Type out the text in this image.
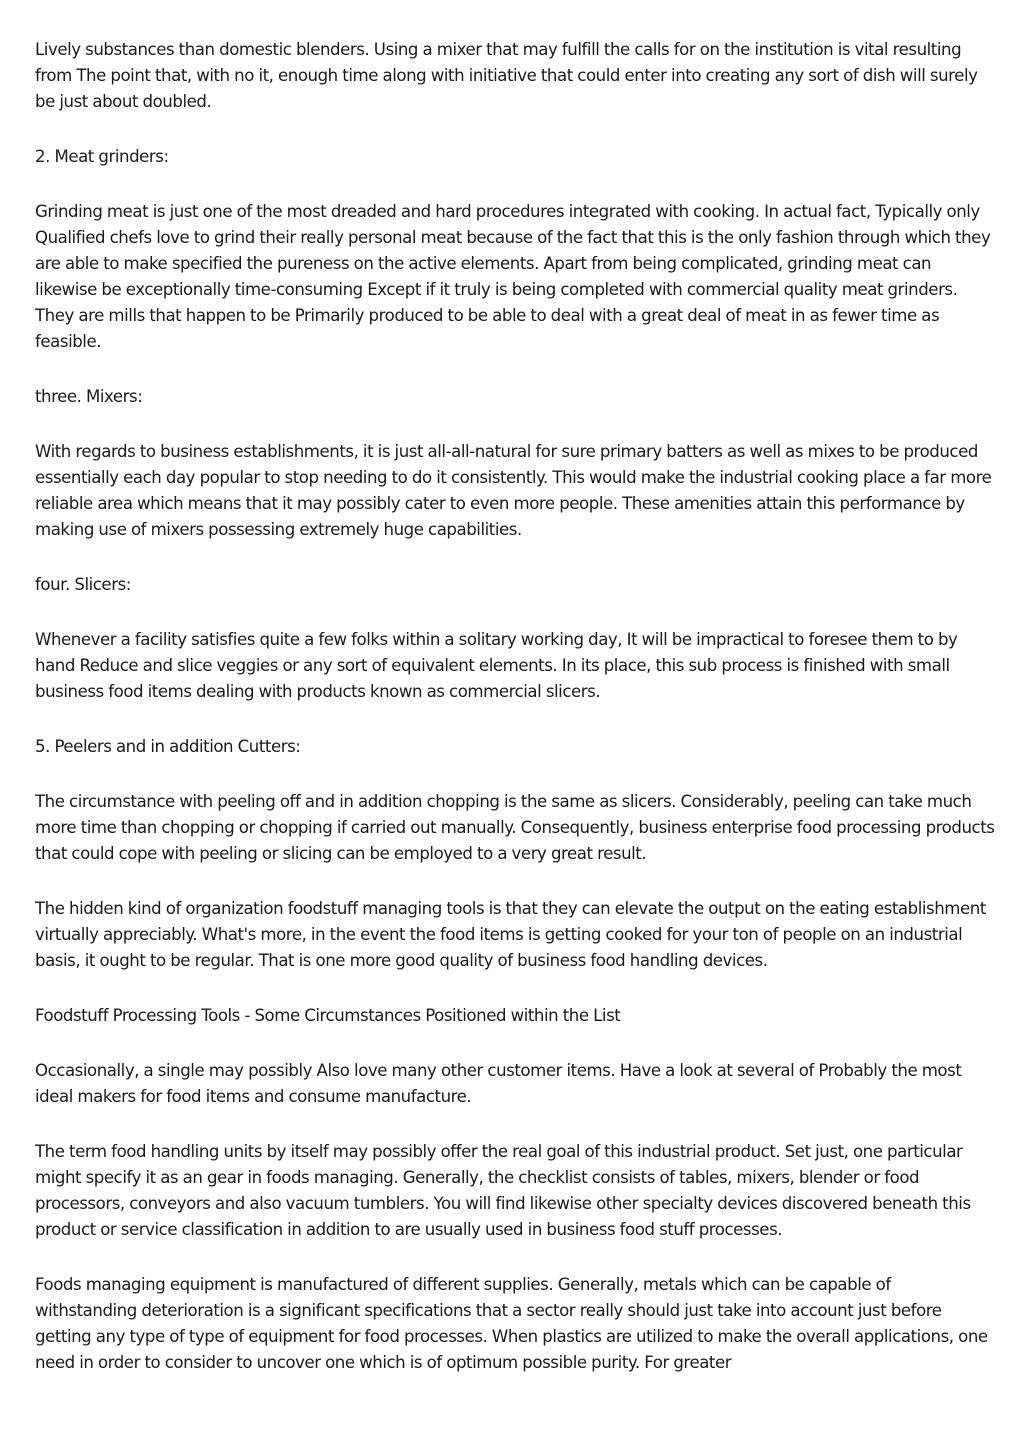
Lively substances than domestic blenders. Using a mixer that may fulfill the calls for on the institution is vital resulting from The point that, with no it, enough time along with initiative that could enter into creating any sort of dish will surely be just about doubled.

2. Meat grinders:

Grinding meat is just one of the most dreaded and hard procedures integrated with cooking. In actual fact, Typically only Qualified chefs love to grind their really personal meat because of the fact that this is the only fashion through which they are able to make specified the pureness on the active elements. Apart from being complicated, grinding meat can likewise be exceptionally time-consuming Except if it truly is being completed with commercial quality meat grinders. They are mills that happen to be Primarily produced to be able to deal with a great deal of meat in as fewer time as feasible.

three. Mixers:

With regards to business establishments, it is just all-all-natural for sure primary batters as well as mixes to be produced essentially each day popular to stop needing to do it consistently. This would make the industrial cooking place a far more reliable area which means that it may possibly cater to even more people. These amenities attain this performance by making use of mixers possessing extremely huge capabilities.

four. Slicers:

Whenever a facility satisfies quite a few folks within a solitary working day, It will be impractical to foresee them to by hand Reduce and slice veggies or any sort of equivalent elements. In its place, this sub process is finished with small business food items dealing with products known as commercial slicers.

5. Peelers and in addition Cutters:

The circumstance with peeling off and in addition chopping is the same as slicers. Considerably, peeling can take much more time than chopping or chopping if carried out manually. Consequently, business enterprise food processing products that could cope with peeling or slicing can be employed to a very great result.

The hidden kind of organization foodstuff managing tools is that they can elevate the output on the eating establishment virtually appreciably. What's more, in the event the food items is getting cooked for your ton of people on an industrial basis, it ought to be regular. That is one more good quality of business food handling devices.

Foodstuff Processing Tools - Some Circumstances Positioned within the List

Occasionally, a single may possibly Also love many other customer items. Have a look at several of Probably the most ideal makers for food items and consume manufacture.

The term food handling units by itself may possibly offer the real goal of this industrial product. Set just, one particular might specify it as an gear in foods managing. Generally, the checklist consists of tables, mixers, blender or food processors, conveyors and also vacuum tumblers. You will find likewise other specialty devices discovered beneath this product or service classification in addition to are usually used in business food stuff processes.

Foods managing equipment is manufactured of different supplies. Generally, metals which can be capable of withstanding deterioration is a significant specifications that a sector really should just take into account just before getting any type of type of equipment for food processes. When plastics are utilized to make the overall applications, one need in order to consider to uncover one which is of optimum possible purity. For greater
